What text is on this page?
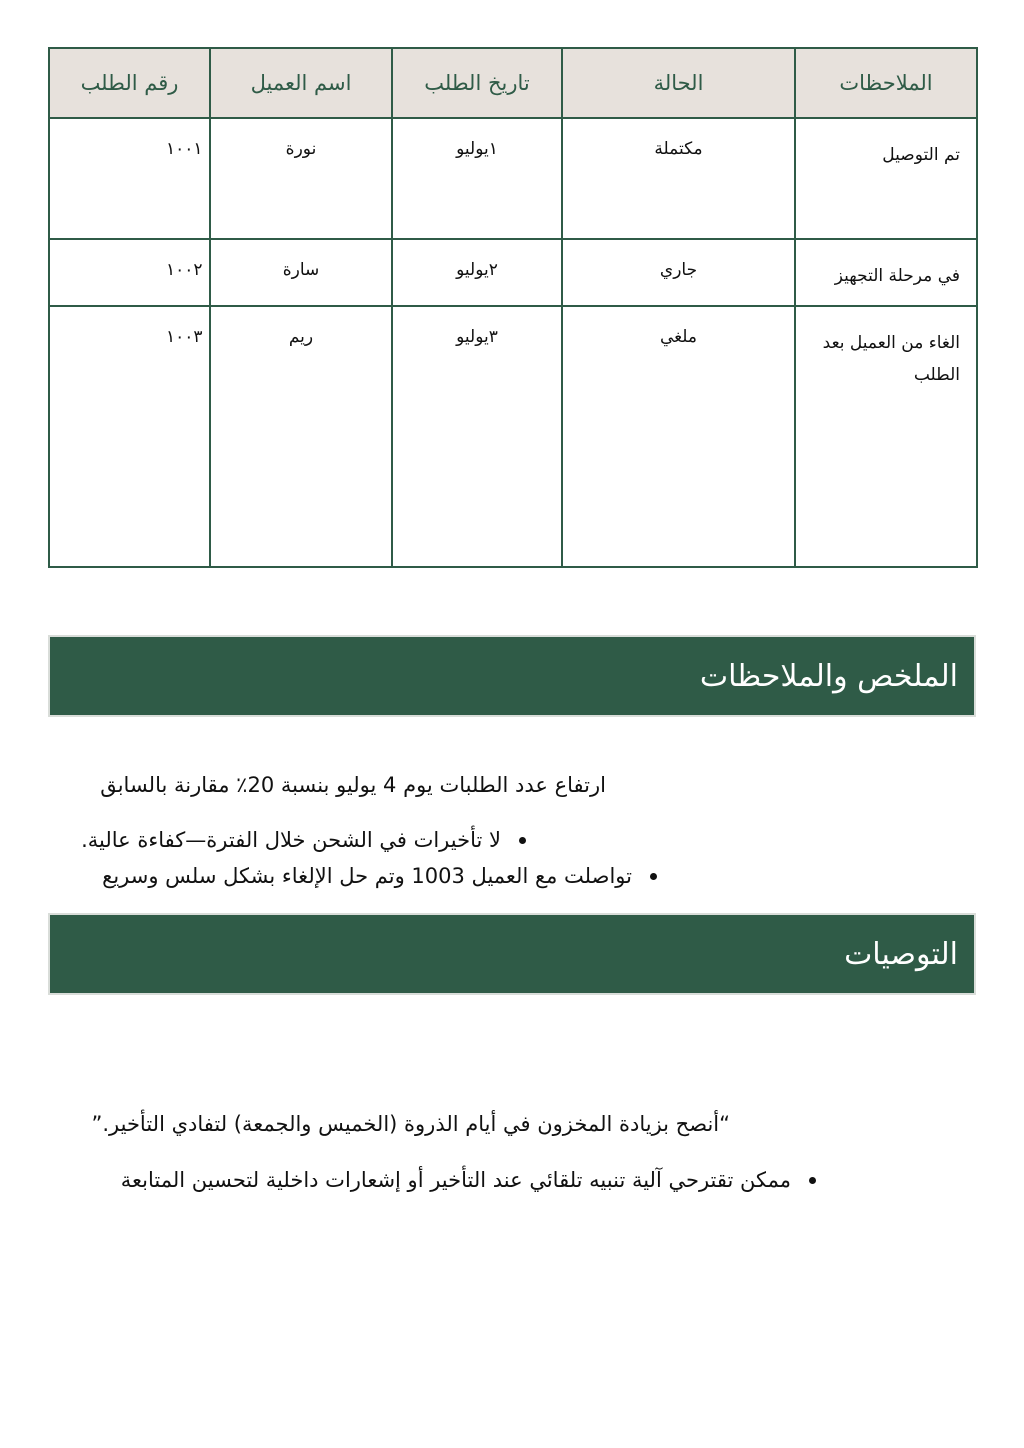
الملاحظات	الحالة	تاريخ الطلب	اسم العميل	رقم الطلب
تم التوصيل	مكتملة	١يوليو	نورة	١٠٠١
في مرحلة التجهيز	جاري	٢يوليو	سارة	١٠٠٢
الغاء من العميل بعد الطلب	ملغي	٣يوليو	ريم	١٠٠٣
الملخص والملاحظات
ارتفاع عدد الطلبات يوم 4 يوليو بنسبة 20٪ مقارنة بالسابق
لا تأخيرات في الشحن خلال الفترة—كفاءة عالية.
تواصلت مع العميل 1003 وتم حل الإلغاء بشكل سلس وسريع
التوصيات
“أنصح بزيادة المخزون في أيام الذروة (الخميس والجمعة) لتفادي التأخير.”
ممكن تقترحي آلية تنبيه تلقائي عند التأخير أو إشعارات داخلية لتحسين المتابعة
